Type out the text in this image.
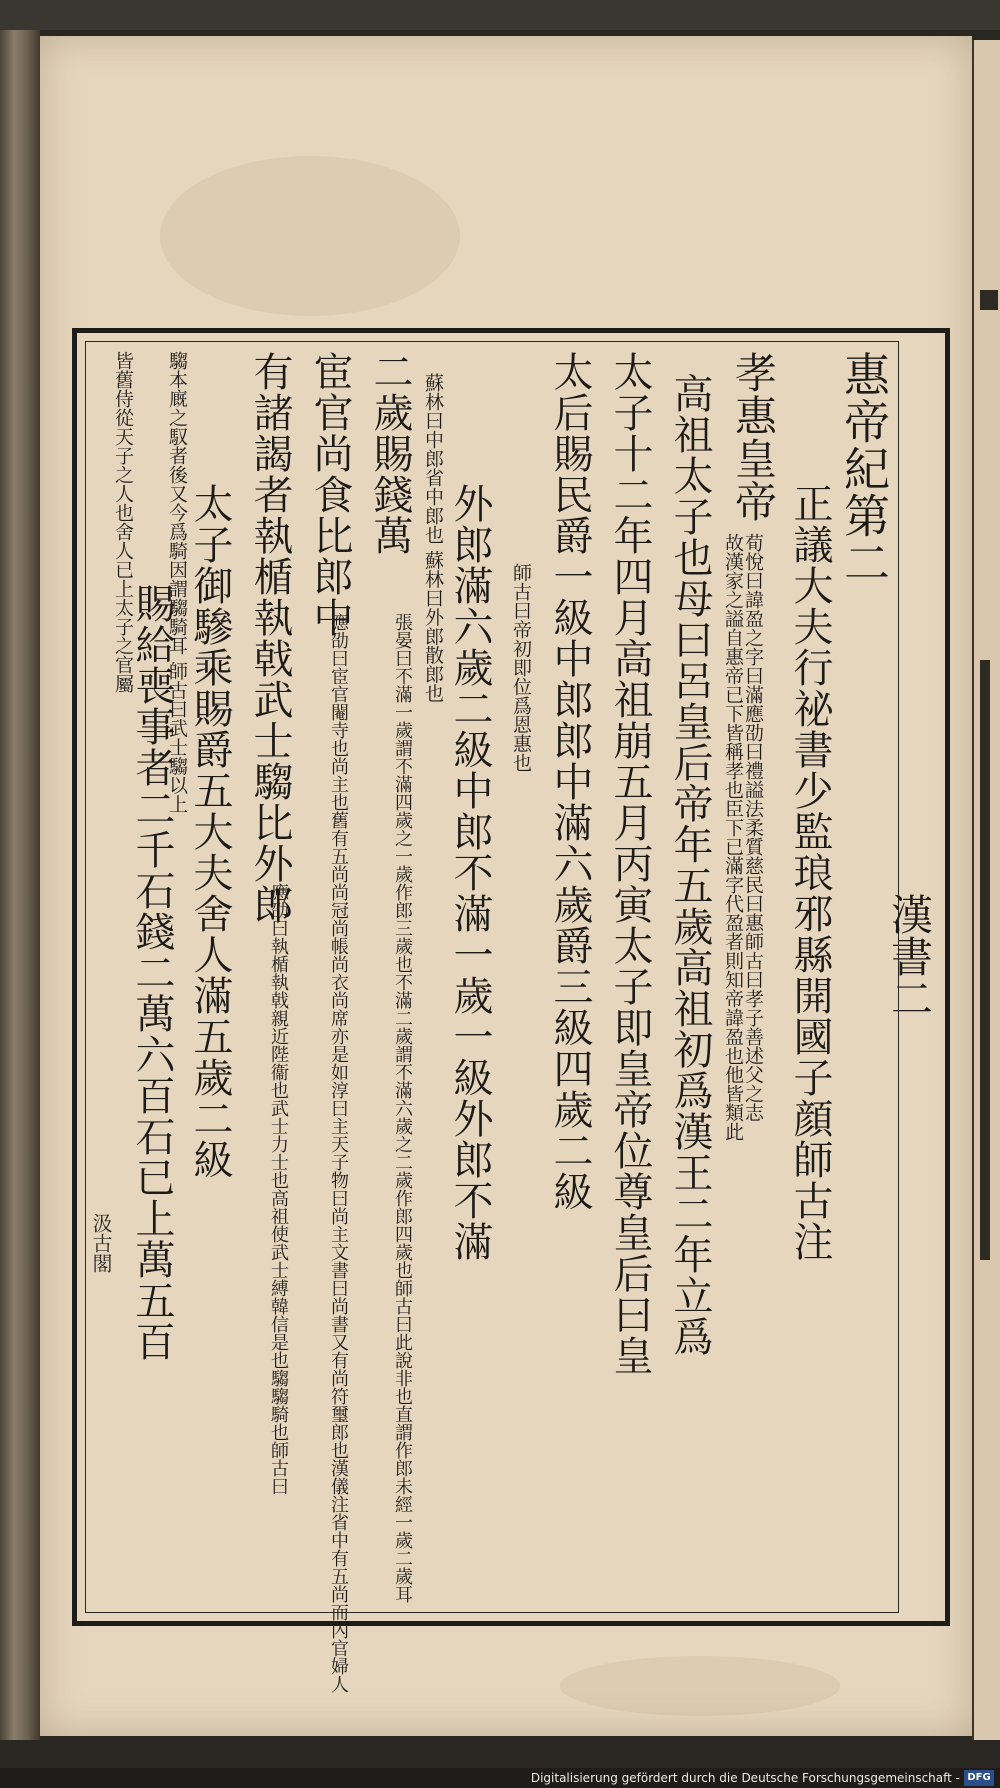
惠帝紀第二
漢書二
正議大夫行祕書少監琅邪縣開國子顔師古注
孝惠皇帝
荀悅曰諱盈之字曰滿應劭曰禮謚法柔質慈民曰惠師古曰孝子善述父之志
故漢家之謚自惠帝已下皆稱孝也臣下已滿字代盈者則知帝諱盈也他皆類此
高祖太子也母曰呂皇后帝年五歲高祖初爲漢王二年立爲
太子十二年四月高祖崩五月丙寅太子即皇帝位尊皇后曰皇
太后賜民爵一級中郎郎中滿六歲爵三級四歲二級
師古曰帝初即位爲恩惠也
外郎滿六歲二級中郎不滿一歲一級外郎不滿
蘇林曰中郎省中郎也 蘇林曰外郎散郎也
二歲賜錢萬
張晏曰不滿一歲謂不滿四歲之一歲作郎三歲也不滿二歲謂不滿六歲之二歲作郎四歲也師古曰此說非也直謂作郎未經一歲二歲耳
宦官尚食比郎中
應劭曰宦官閹寺也尚主也舊有五尚尚冠尚帳尚衣尚席亦是如淳曰主天子物曰尚主文書曰尚書又有尚符璽郎也漢儀注省中有五尚而內官婦人
有諸謁者執楯執戟武士騶比外郎
應劭曰執楯執戟親近陛衞也武士力士也高祖使武士縛韓信是也騶騶騎也師古曰
太子御驂乘賜爵五大夫舍人滿五歲二級
騶本廐之馭者後又今爲騎因謂騶騎耳 師古曰武士騶以上
賜給喪事者二千石錢二萬六百石已上萬五百
皆舊侍從天子之人也舍人已上太子之官屬
汲古閣
Digitalisierung gefördert durch die Deutsche Forschungsgemeinschaft - DFG
